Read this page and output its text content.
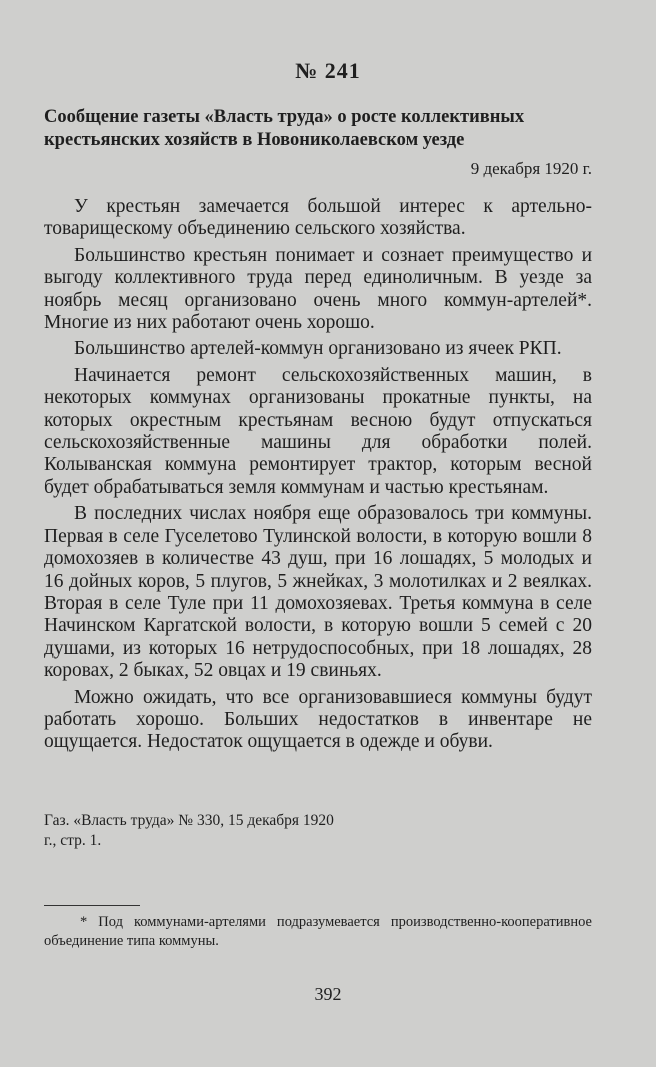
№ 241
Сообщение газеты «Власть труда» о росте коллективных крестьянских хозяйств в Новониколаевском уезде
9 декабря 1920 г.

У крестьян замечается большой интерес к артельно-товарищескому объединению сельского хозяйства.

Большинство крестьян понимает и сознает преимущество и выгоду коллективного труда перед единоличным. В уезде за ноябрь месяц организовано очень много коммун-артелей*. Многие из них работают очень хорошо.

Большинство артелей-коммун организовано из ячеек РКП.

Начинается ремонт сельскохозяйственных машин, в некоторых коммунах организованы прокатные пункты, на которых окрестным крестьянам весною будут отпускаться сельскохозяйственные машины для обработки полей. Колыванская коммуна ремонтирует трактор, которым весной будет обрабатываться земля коммунам и частью крестьянам.

В последних числах ноября еще образовалось три коммуны. Первая в селе Гуселетово Тулинской волости, в которую вошли 8 домохозяев в количестве 43 душ, при 16 лошадях, 5 молодых и 16 дойных коров, 5 плугов, 5 жнейках, 3 молотилках и 2 веялках. Вторая в селе Туле при 11 домохозяевах. Третья коммуна в селе Начинском Каргатской волости, в которую вошли 5 семей с 20 душами, из которых 16 нетрудоспособных, при 18 лошадях, 28 коровах, 2 быках, 52 овцах и 19 свиньях.

Можно ожидать, что все организовавшиеся коммуны будут работать хорошо. Больших недостатков в инвентаре не ощущается. Недостаток ощущается в одежде и обуви.

Газ. «Власть труда» № 330, 15 декабря 1920 г., стр. 1.
* Под коммунами-артелями подразумевается производственно-кооперативное объединение типа коммуны.
392
